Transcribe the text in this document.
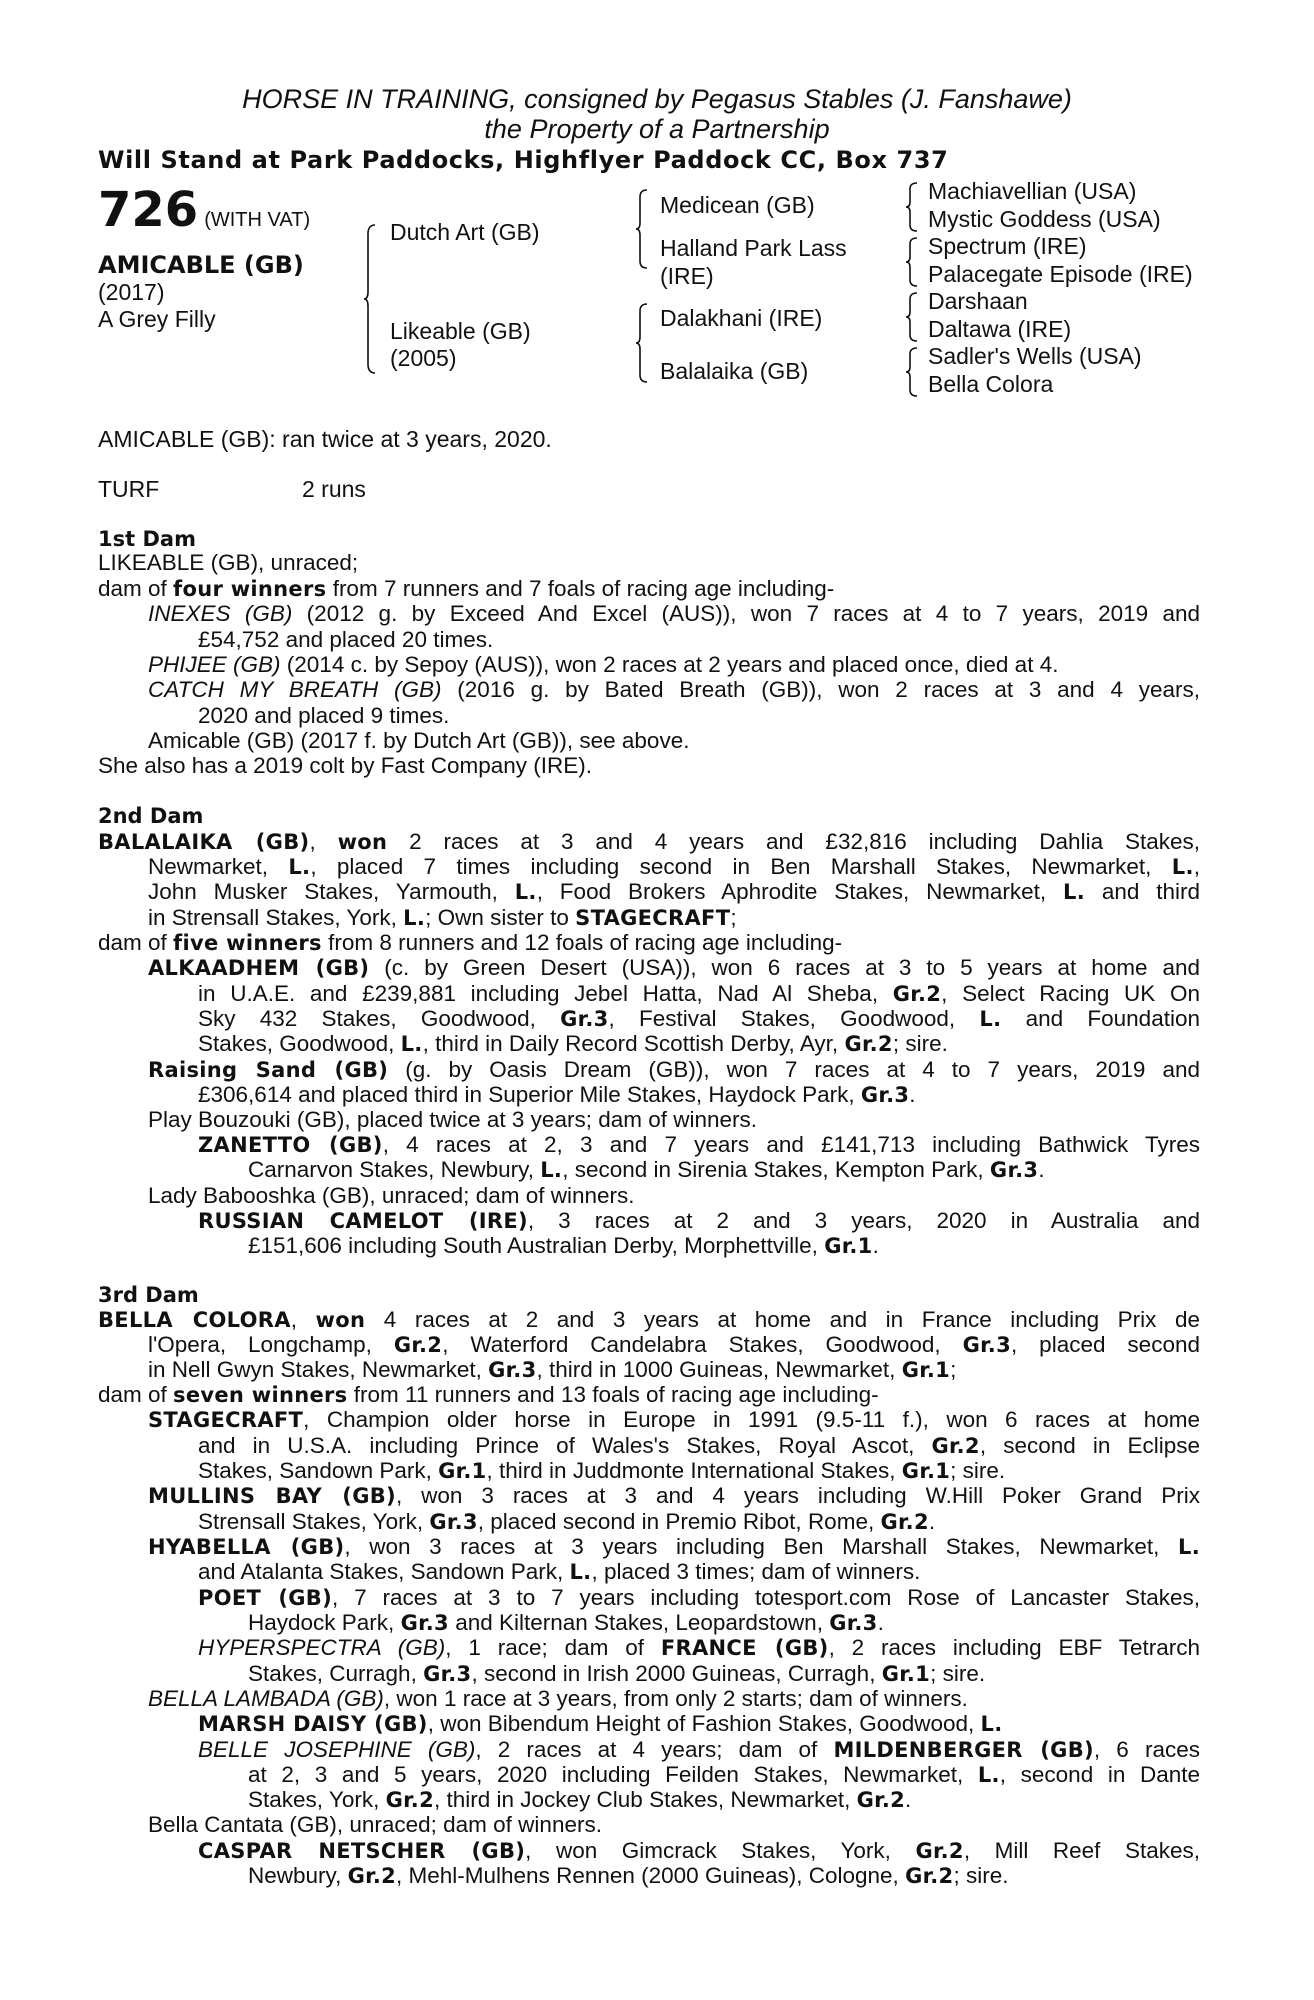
HORSE IN TRAINING, consigned by Pegasus Stables (J. Fanshawe)
the Property of a Partnership
Will Stand at Park Paddocks, Highflyer Paddock CC, Box 737
726 (WITH VAT)
AMICABLE (GB)
(2017)
A Grey Filly
Dutch Art (GB)
Likeable (GB)
(2005)
Medicean (GB)
Halland Park Lass
(IRE)
Dalakhani (IRE)
Balalaika (GB)
Machiavellian (USA)
Mystic Goddess (USA)
Spectrum (IRE)
Palacegate Episode (IRE)
Darshaan
Daltawa (IRE)
Sadler's Wells (USA)
Bella Colora
AMICABLE (GB): ran twice at 3 years, 2020.
TURF	2 runs
1st Dam
LIKEABLE (GB), unraced;
dam of four winners from 7 runners and 7 foals of racing age including-
INEXES (GB) (2012 g. by Exceed And Excel (AUS)), won 7 races at 4 to 7 years, 2019 and
£54,752 and placed 20 times.
PHIJEE (GB) (2014 c. by Sepoy (AUS)), won 2 races at 2 years and placed once, died at 4.
CATCH MY BREATH (GB) (2016 g. by Bated Breath (GB)), won 2 races at 3 and 4 years,
2020 and placed 9 times.
Amicable (GB) (2017 f. by Dutch Art (GB)), see above.
She also has a 2019 colt by Fast Company (IRE).
2nd Dam
BALALAIKA (GB), won 2 races at 3 and 4 years and £32,816 including Dahlia Stakes,
Newmarket, L., placed 7 times including second in Ben Marshall Stakes, Newmarket, L.,
John Musker Stakes, Yarmouth, L., Food Brokers Aphrodite Stakes, Newmarket, L. and third
in Strensall Stakes, York, L.; Own sister to STAGECRAFT;
dam of five winners from 8 runners and 12 foals of racing age including-
ALKAADHEM (GB) (c. by Green Desert (USA)), won 6 races at 3 to 5 years at home and
in U.A.E. and £239,881 including Jebel Hatta, Nad Al Sheba, Gr.2, Select Racing UK On
Sky 432 Stakes, Goodwood, Gr.3, Festival Stakes, Goodwood, L. and Foundation
Stakes, Goodwood, L., third in Daily Record Scottish Derby, Ayr, Gr.2; sire.
Raising Sand (GB) (g. by Oasis Dream (GB)), won 7 races at 4 to 7 years, 2019 and
£306,614 and placed third in Superior Mile Stakes, Haydock Park, Gr.3.
Play Bouzouki (GB), placed twice at 3 years; dam of winners.
ZANETTO (GB), 4 races at 2, 3 and 7 years and £141,713 including Bathwick Tyres
Carnarvon Stakes, Newbury, L., second in Sirenia Stakes, Kempton Park, Gr.3.
Lady Babooshka (GB), unraced; dam of winners.
RUSSIAN CAMELOT (IRE), 3 races at 2 and 3 years, 2020 in Australia and
£151,606 including South Australian Derby, Morphettville, Gr.1.
3rd Dam
BELLA COLORA, won 4 races at 2 and 3 years at home and in France including Prix de
l'Opera, Longchamp, Gr.2, Waterford Candelabra Stakes, Goodwood, Gr.3, placed second
in Nell Gwyn Stakes, Newmarket, Gr.3, third in 1000 Guineas, Newmarket, Gr.1;
dam of seven winners from 11 runners and 13 foals of racing age including-
STAGECRAFT, Champion older horse in Europe in 1991 (9.5-11 f.), won 6 races at home
and in U.S.A. including Prince of Wales's Stakes, Royal Ascot, Gr.2, second in Eclipse
Stakes, Sandown Park, Gr.1, third in Juddmonte International Stakes, Gr.1; sire.
MULLINS BAY (GB), won 3 races at 3 and 4 years including W.Hill Poker Grand Prix
Strensall Stakes, York, Gr.3, placed second in Premio Ribot, Rome, Gr.2.
HYABELLA (GB), won 3 races at 3 years including Ben Marshall Stakes, Newmarket, L.
and Atalanta Stakes, Sandown Park, L., placed 3 times; dam of winners.
POET (GB), 7 races at 3 to 7 years including totesport.com Rose of Lancaster Stakes,
Haydock Park, Gr.3 and Kilternan Stakes, Leopardstown, Gr.3.
HYPERSPECTRA (GB), 1 race; dam of FRANCE (GB), 2 races including EBF Tetrarch
Stakes, Curragh, Gr.3, second in Irish 2000 Guineas, Curragh, Gr.1; sire.
BELLA LAMBADA (GB), won 1 race at 3 years, from only 2 starts; dam of winners.
MARSH DAISY (GB), won Bibendum Height of Fashion Stakes, Goodwood, L.
BELLE JOSEPHINE (GB), 2 races at 4 years; dam of MILDENBERGER (GB), 6 races
at 2, 3 and 5 years, 2020 including Feilden Stakes, Newmarket, L., second in Dante
Stakes, York, Gr.2, third in Jockey Club Stakes, Newmarket, Gr.2.
Bella Cantata (GB), unraced; dam of winners.
CASPAR NETSCHER (GB), won Gimcrack Stakes, York, Gr.2, Mill Reef Stakes,
Newbury, Gr.2, Mehl-Mulhens Rennen (2000 Guineas), Cologne, Gr.2; sire.
